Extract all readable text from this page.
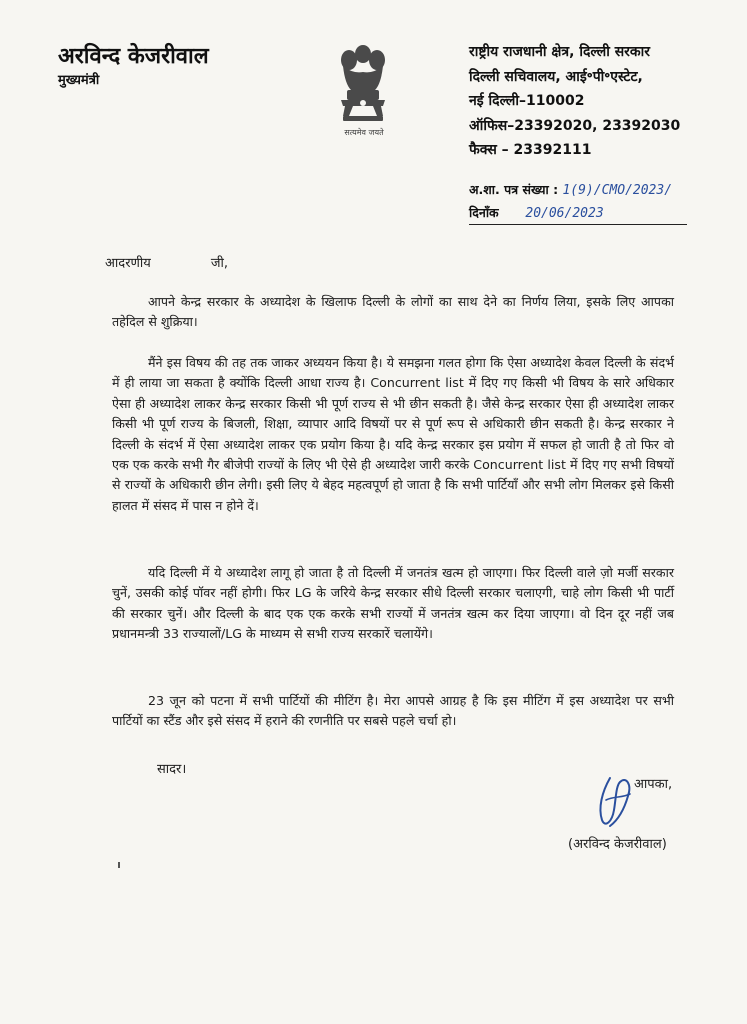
अरविन्द केजरीवाल
मुख्यमंत्री
सत्यमेव जयते
राष्ट्रीय राजधानी क्षेत्र, दिल्ली सरकार
दिल्ली सचिवालय, आई॰पी॰एस्टेट,
नई दिल्ली–110002
ऑफिस–23392020, 23392030
फैक्स – 23392111
अ.शा. पत्र संख्या : 1(9)/CMO/2023/
दिनाँक 20/06/2023
आदरणीय	जी,

आपने केन्द्र सरकार के अध्यादेश के खिलाफ दिल्ली के लोगों का साथ देने का निर्णय लिया, इसके लिए आपका तहेदिल से शुक्रिया।

मैंने इस विषय की तह तक जाकर अध्ययन किया है। ये समझना गलत होगा कि ऐसा अध्यादेश केवल दिल्ली के संदर्भ में ही लाया जा सकता है क्योंकि दिल्ली आधा राज्य है। Concurrent list में दिए गए किसी भी विषय के सारे अधिकार ऐसा ही अध्यादेश लाकर केन्द्र सरकार किसी भी पूर्ण राज्य से भी छीन सकती है। जैसे केन्द्र सरकार ऐसा ही अध्यादेश लाकर किसी भी पूर्ण राज्य के बिजली, शिक्षा, व्यापार आदि विषयों पर से पूर्ण रूप से अधिकारी छीन सकती है। केन्द्र सरकार ने दिल्ली के संदर्भ में ऐसा अध्यादेश लाकर एक प्रयोग किया है। यदि केन्द्र सरकार इस प्रयोग में सफल हो जाती है तो फिर वो एक एक करके सभी गैर बीजेपी राज्यों के लिए भी ऐसे ही अध्यादेश जारी करके Concurrent list में दिए गए सभी विषयों से राज्यों के अधिकारी छीन लेगी। इसी लिए ये बेहद महत्वपूर्ण हो जाता है कि सभी पार्टियाँ और सभी लोग मिलकर इसे किसी हालत में संसद में पास न होने दें।

यदि दिल्ली में ये अध्यादेश लागू हो जाता है तो दिल्ली में जनतंत्र खत्म हो जाएगा। फिर दिल्ली वाले ज़ो मर्जी सरकार चुनें, उसकी कोई पॉवर नहीं होगी। फिर LG के जरिये केन्द्र सरकार सीधे दिल्ली सरकार चलाएगी, चाहे लोग किसी भी पार्टी की सरकार चुनें। और दिल्ली के बाद एक एक करके सभी राज्यों में जनतंत्र खत्म कर दिया जाएगा। वो दिन दूर नहीं जब प्रधानमन्त्री 33 राज्यालों/LG के माध्यम से सभी राज्य सरकारें चलायेंगे।

23 जून को पटना में सभी पार्टियों की मीटिंग है। मेरा आपसे आग्रह है कि इस मीटिंग में इस अध्यादेश पर सभी पार्टियों का स्टैंड और इसे संसद में हराने की रणनीति पर सबसे पहले चर्चा हो।

सादर।
आपका,
(अरविन्द केजरीवाल)
